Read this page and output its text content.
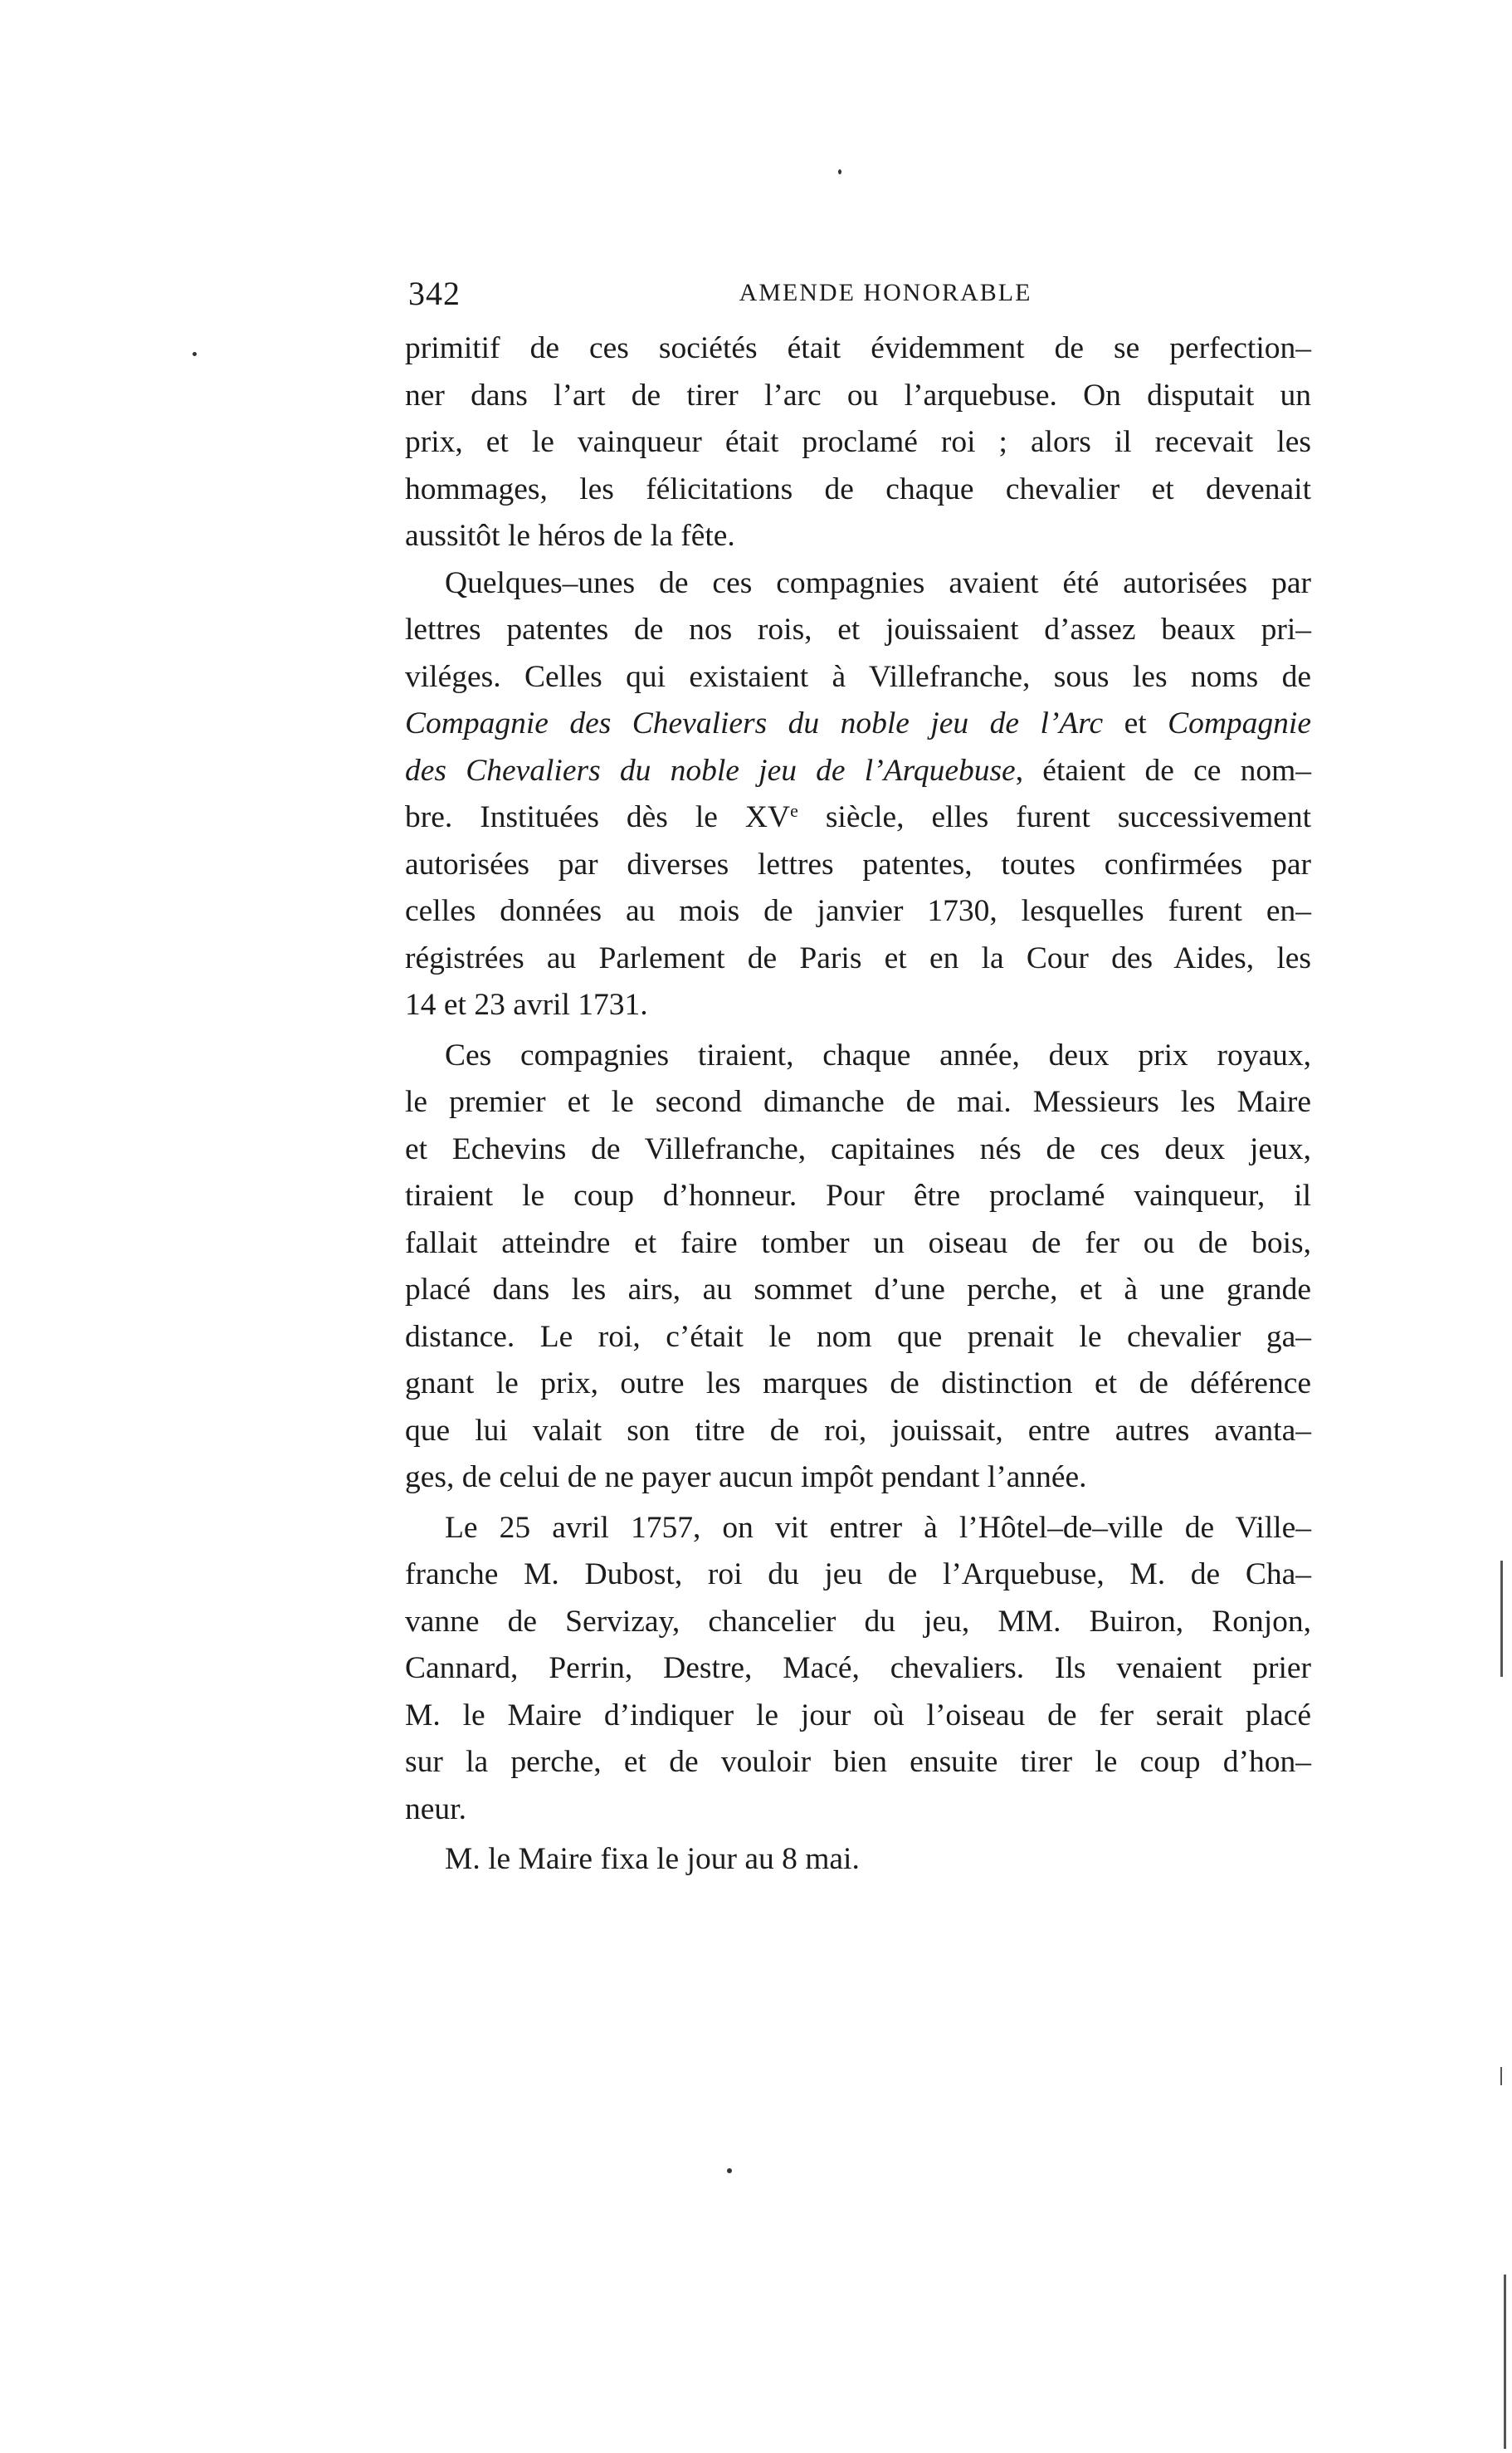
342	AMENDE HONORABLE
primitif de ces sociétés était évidemment de se perfection–
ner dans l’art de tirer l’arc ou l’arquebuse. On disputait un
prix, et le vainqueur était proclamé roi ; alors il recevait les
hommages, les félicitations de chaque chevalier et devenait
aussitôt le héros de la fête.
Quelques–unes de ces compagnies avaient été autorisées par
lettres patentes de nos rois, et jouissaient d’assez beaux pri–
viléges. Celles qui existaient à Villefranche, sous les noms de
Compagnie des Chevaliers du noble jeu de l’Arc et Compagnie
des Chevaliers du noble jeu de l’Arquebuse, étaient de ce nom–
bre. Instituées dès le XVe siècle, elles furent successivement
autorisées par diverses lettres patentes, toutes confirmées par
celles données au mois de janvier 1730, lesquelles furent en–
régistrées au Parlement de Paris et en la Cour des Aides, les
14 et 23 avril 1731.
Ces compagnies tiraient, chaque année, deux prix royaux,
le premier et le second dimanche de mai. Messieurs les Maire
et Echevins de Villefranche, capitaines nés de ces deux jeux,
tiraient le coup d’honneur. Pour être proclamé vainqueur, il
fallait atteindre et faire tomber un oiseau de fer ou de bois,
placé dans les airs, au sommet d’une perche, et à une grande
distance. Le roi, c’était le nom que prenait le chevalier ga–
gnant le prix, outre les marques de distinction et de déférence
que lui valait son titre de roi, jouissait, entre autres avanta–
ges, de celui de ne payer aucun impôt pendant l’année.
Le 25 avril 1757, on vit entrer à l’Hôtel–de–ville de Ville–
franche M. Dubost, roi du jeu de l’Arquebuse, M. de Cha–
vanne de Servizay, chancelier du jeu, MM. Buiron, Ronjon,
Cannard, Perrin, Destre, Macé, chevaliers. Ils venaient prier
M. le Maire d’indiquer le jour où l’oiseau de fer serait placé
sur la perche, et de vouloir bien ensuite tirer le coup d’hon–
neur.
M. le Maire fixa le jour au 8 mai.
